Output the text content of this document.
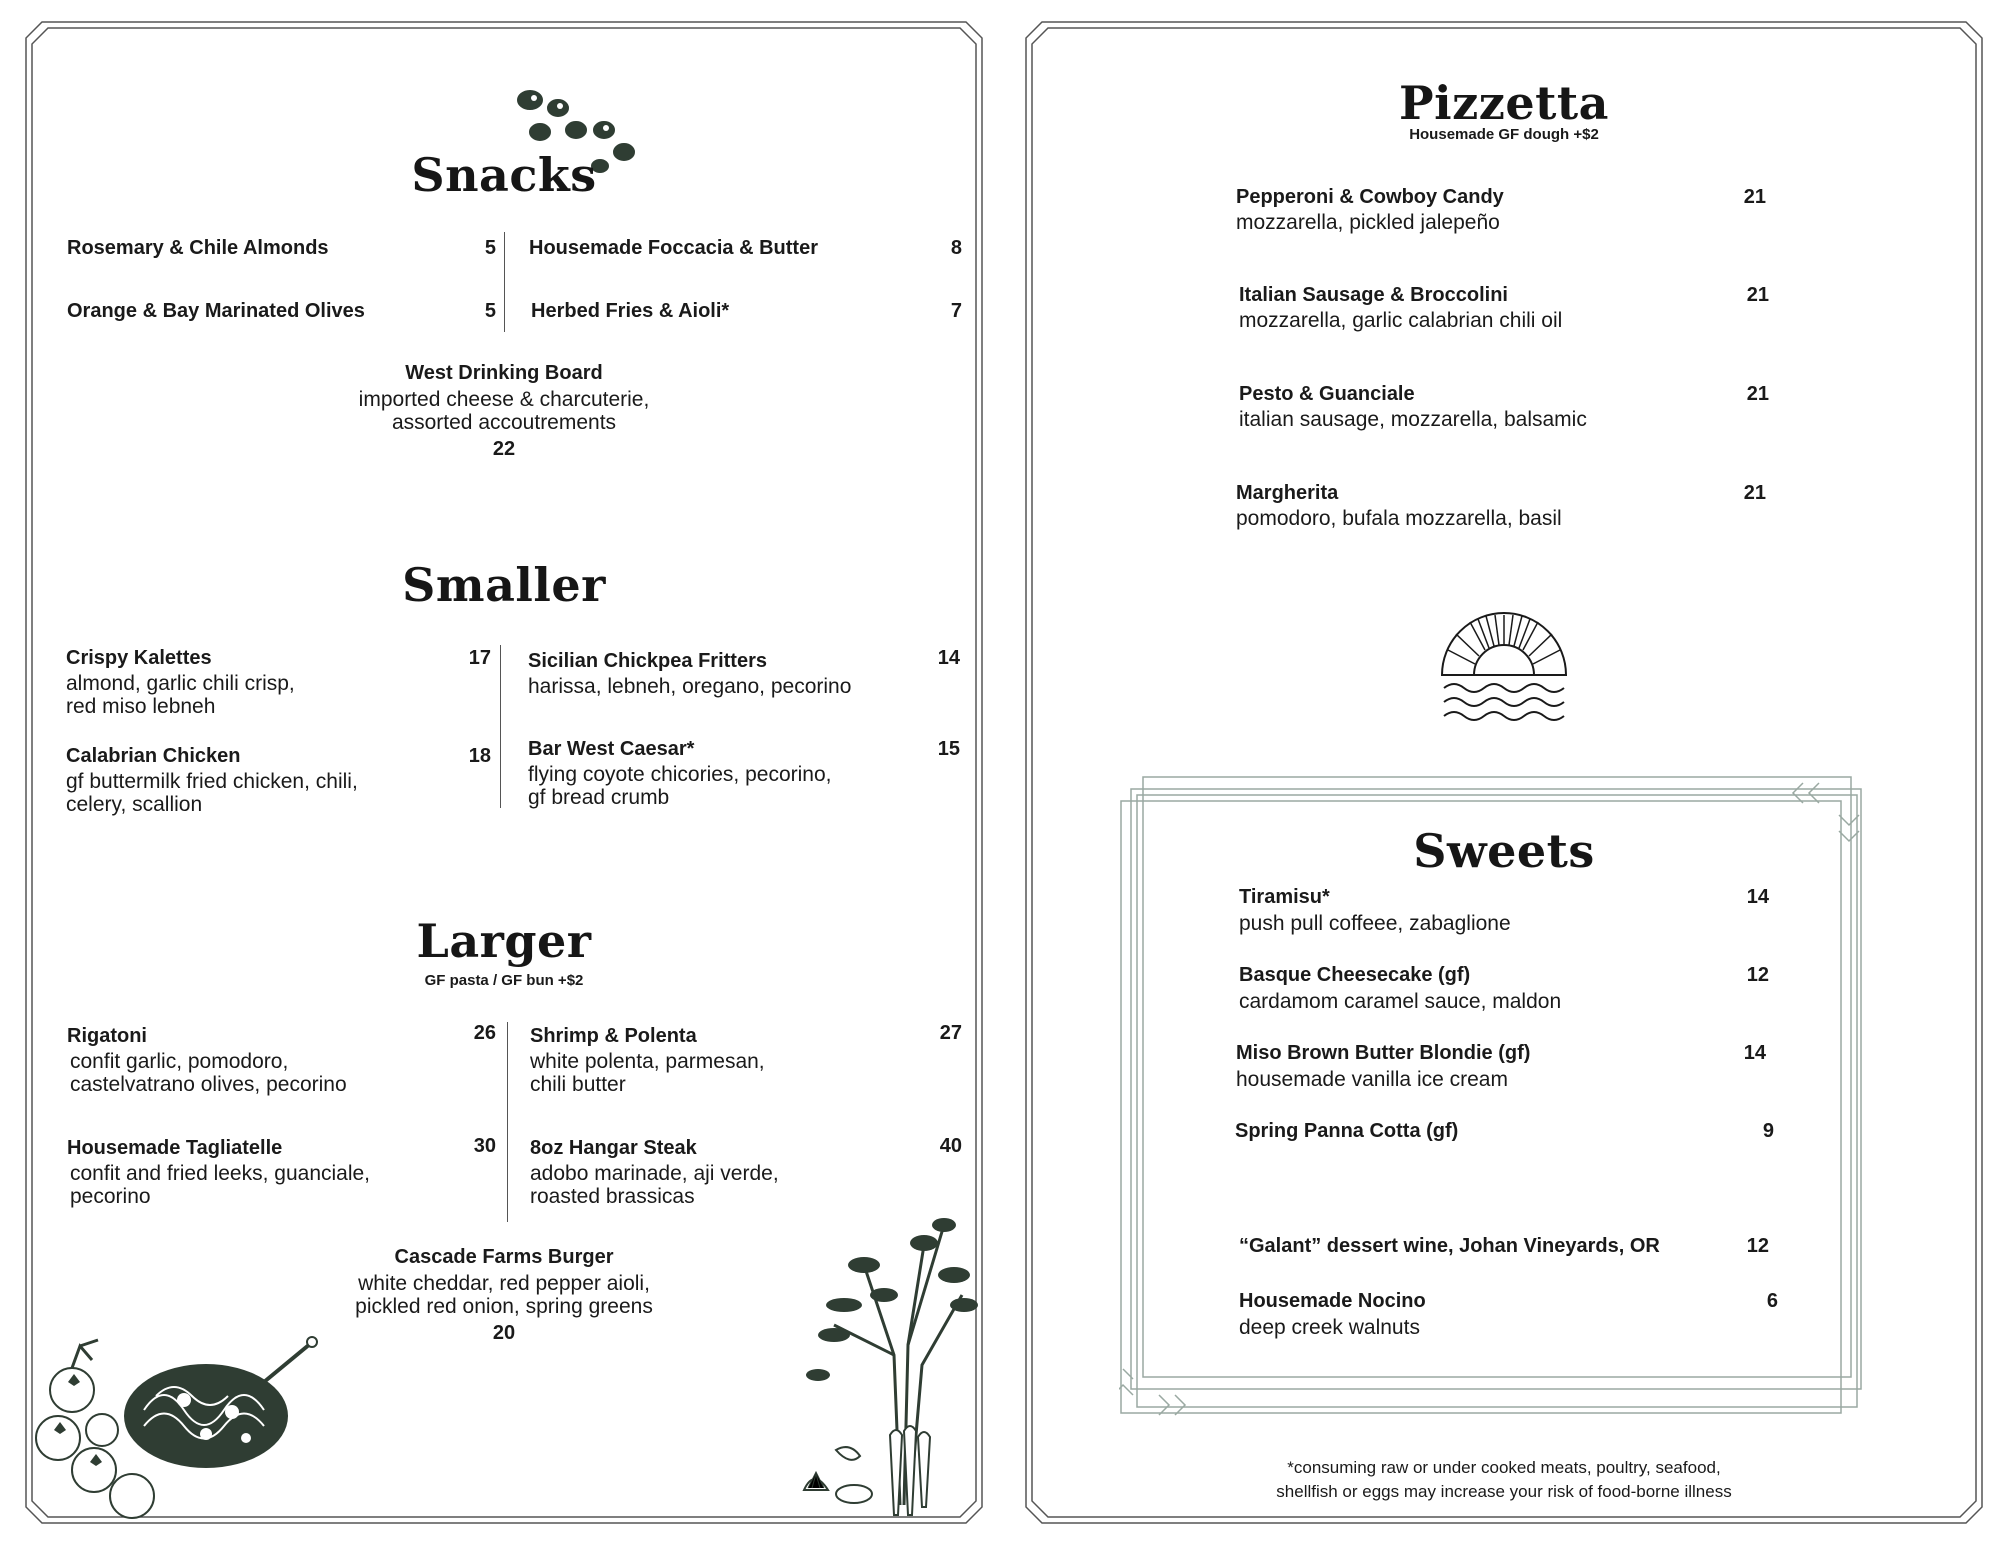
Snacks
Rosemary & Chile Almonds	5
Orange & Bay Marinated Olives	5
Housemade Foccacia & Butter	8
Herbed Fries & Aioli*	7
West Drinking Board
imported cheese & charcuterie,
assorted accoutrements
22
Smaller
Crispy Kalettes	17
almond, garlic chili crisp,
red miso lebneh
Calabrian Chicken	18
gf buttermilk fried chicken, chili,
celery, scallion
Sicilian Chickpea Fritters	14
harissa, lebneh, oregano, pecorino
Bar West Caesar*	15
flying coyote chicories, pecorino,
gf bread crumb
Larger
GF pasta / GF bun +$2
Rigatoni	26
confit garlic, pomodoro,
castelvatrano olives, pecorino
Housemade Tagliatelle	30
confit and fried leeks, guanciale,
pecorino
Shrimp & Polenta	27
white polenta, parmesan,
chili butter
8oz Hangar Steak	40
adobo marinade, aji verde,
roasted brassicas
Cascade Farms Burger
white cheddar, red pepper aioli,
pickled red onion, spring greens
20
Pizzetta
Housemade GF dough +$2
Pepperoni & Cowboy Candy	21
mozzarella, pickled jalepeño
Italian Sausage & Broccolini	21
mozzarella, garlic calabrian chili oil
Pesto & Guanciale	21
italian sausage, mozzarella, balsamic
Margherita	21
pomodoro, bufala mozzarella, basil
Sweets
Tiramisu*	14
push pull coffeee, zabaglione
Basque Cheesecake (gf)	12
cardamom caramel sauce, maldon
Miso Brown Butter Blondie (gf)	14
housemade vanilla ice cream
Spring Panna Cotta (gf)	9
“Galant” dessert wine, Johan Vineyards, OR	12
Housemade Nocino	6
deep creek walnuts
*consuming raw or under cooked meats, poultry, seafood,
shellfish or eggs may increase your risk of food-borne illness
